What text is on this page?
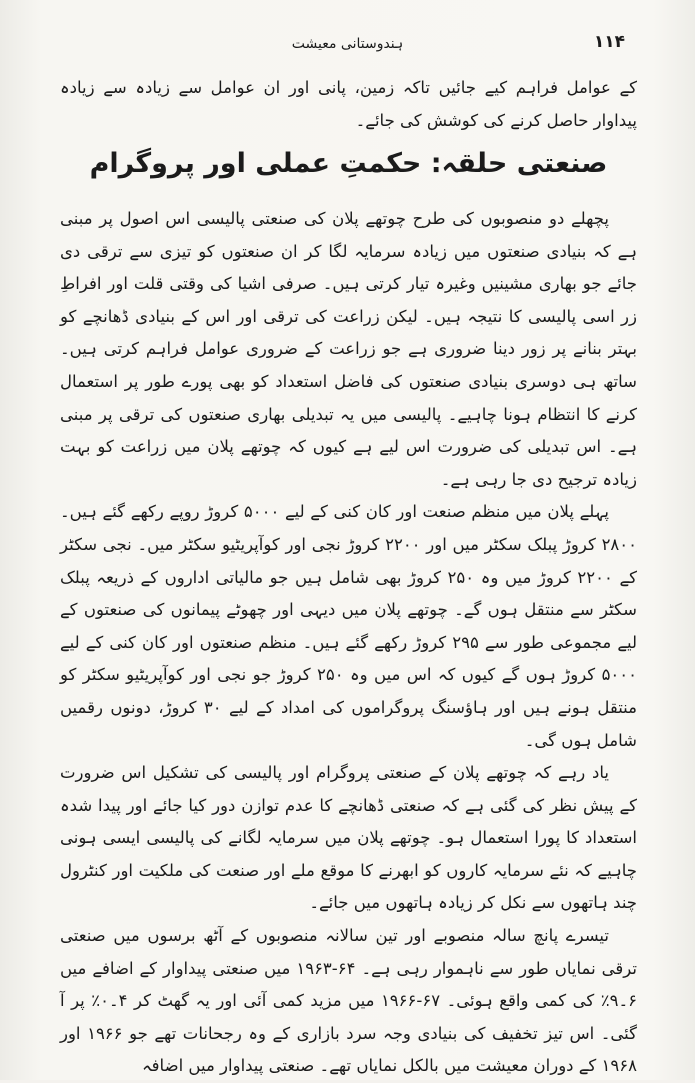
ہندوستانی معیشت	۱۱۴

کے عوامل فراہم کیے جائیں تاکہ زمین، پانی اور ان عوامل سے زیادہ سے زیادہ پیداوار حاصل کرنے کی کوشش کی جائے۔

صنعتی حلقہ: حکمتِ عملی اور پروگرام

پچھلے دو منصوبوں کی طرح چوتھے پلان کی صنعتی پالیسی اس اصول پر مبنی ہے کہ بنیادی صنعتوں میں زیادہ سرمایہ لگا کر ان صنعتوں کو تیزی سے ترقی دی جائے جو بھاری مشینیں وغیرہ تیار کرتی ہیں۔ صرفی اشیا کی وقتی قلت اور افراطِ زر اسی پالیسی کا نتیجہ ہیں۔ لیکن زراعت کی ترقی اور اس کے بنیادی ڈھانچے کو بہتر بنانے پر زور دینا ضروری ہے جو زراعت کے ضروری عوامل فراہم کرتی ہیں۔ ساتھ ہی دوسری بنیادی صنعتوں کی فاضل استعداد کو بھی پورے طور پر استعمال کرنے کا انتظام ہونا چاہیے۔ پالیسی میں یہ تبدیلی بھاری صنعتوں کی ترقی پر مبنی ہے۔ اس تبدیلی کی ضرورت اس لیے ہے کیوں کہ چوتھے پلان میں زراعت کو بہت زیادہ ترجیح دی جا رہی ہے۔

پہلے پلان میں منظم صنعت اور کان کنی کے لیے ۵۰۰۰ کروڑ روپے رکھے گئے ہیں۔ ۲۸۰۰ کروڑ پبلک سکٹر میں اور ۲۲۰۰ کروڑ نجی اور کوآپریٹیو سکٹر میں۔ نجی سکٹر کے ۲۲۰۰ کروڑ میں وہ ۲۵۰ کروڑ بھی شامل ہیں جو مالیاتی اداروں کے ذریعہ پبلک سکٹر سے منتقل ہوں گے۔ چوتھے پلان میں دیہی اور چھوٹے پیمانوں کی صنعتوں کے لیے مجموعی طور سے ۲۹۵ کروڑ رکھے گئے ہیں۔ منظم صنعتوں اور کان کنی کے لیے ۵۰۰۰ کروڑ ہوں گے کیوں کہ اس میں وہ ۲۵۰ کروڑ جو نجی اور کوآپریٹیو سکٹر کو منتقل ہونے ہیں اور ہاؤسنگ پروگراموں کی امداد کے لیے ۳۰ کروڑ، دونوں رقمیں شامل ہوں گی۔

یاد رہے کہ چوتھے پلان کے صنعتی پروگرام اور پالیسی کی تشکیل اس ضرورت کے پیش نظر کی گئی ہے کہ صنعتی ڈھانچے کا عدم توازن دور کیا جائے اور پیدا شدہ استعداد کا پورا استعمال ہو۔ چوتھے پلان میں سرمایہ لگانے کی پالیسی ایسی ہونی چاہیے کہ نئے سرمایہ کاروں کو ابھرنے کا موقع ملے اور صنعت کی ملکیت اور کنٹرول چند ہاتھوں سے نکل کر زیادہ ہاتھوں میں جائے۔

تیسرے پانچ سالہ منصوبے اور تین سالانہ منصوبوں کے آٹھ برسوں میں صنعتی ترقی نمایاں طور سے ناہموار رہی ہے۔ ۶۴-۱۹۶۳ میں صنعتی پیداوار کے اضافے میں ۶۔۹٪ کی کمی واقع ہوئی۔ ۶۷-۱۹۶۶ میں مزید کمی آئی اور یہ گھٹ کر ۴۔۰٪ پر آ گئی۔ اس تیز تخفیف کی بنیادی وجہ سرد بازاری کے وہ رجحانات تھے جو ۱۹۶۶ اور ۱۹۶۸ کے دوران معیشت میں بالکل نمایاں تھے۔ صنعتی پیداوار میں اضافہ
